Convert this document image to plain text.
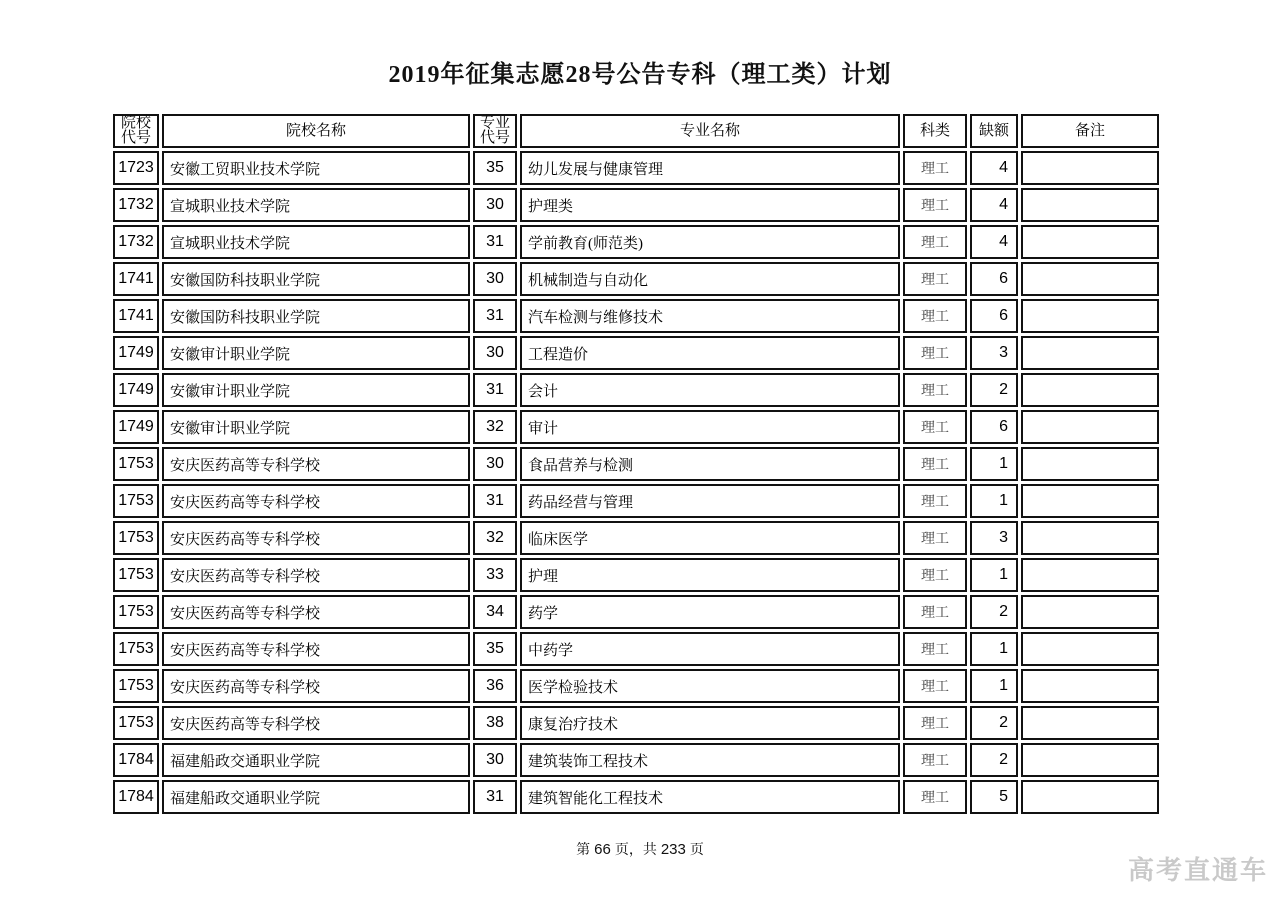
2019年征集志愿28号公告专科（理工类）计划
院校代号	院校名称	专业代号	专业名称	科类	缺额	备注
1723	安徽工贸职业技术学院	35	幼儿发展与健康管理	理工	4	
1732	宣城职业技术学院	30	护理类	理工	4	
1732	宣城职业技术学院	31	学前教育(师范类)	理工	4	
1741	安徽国防科技职业学院	30	机械制造与自动化	理工	6	
1741	安徽国防科技职业学院	31	汽车检测与维修技术	理工	6	
1749	安徽审计职业学院	30	工程造价	理工	3	
1749	安徽审计职业学院	31	会计	理工	2	
1749	安徽审计职业学院	32	审计	理工	6	
1753	安庆医药高等专科学校	30	食品营养与检测	理工	1	
1753	安庆医药高等专科学校	31	药品经营与管理	理工	1	
1753	安庆医药高等专科学校	32	临床医学	理工	3	
1753	安庆医药高等专科学校	33	护理	理工	1	
1753	安庆医药高等专科学校	34	药学	理工	2	
1753	安庆医药高等专科学校	35	中药学	理工	1	
1753	安庆医药高等专科学校	36	医学检验技术	理工	1	
1753	安庆医药高等专科学校	38	康复治疗技术	理工	2	
1784	福建船政交通职业学院	30	建筑装饰工程技术	理工	2	
1784	福建船政交通职业学院	31	建筑智能化工程技术	理工	5	
第 66 页，共 233 页
高考直通车
